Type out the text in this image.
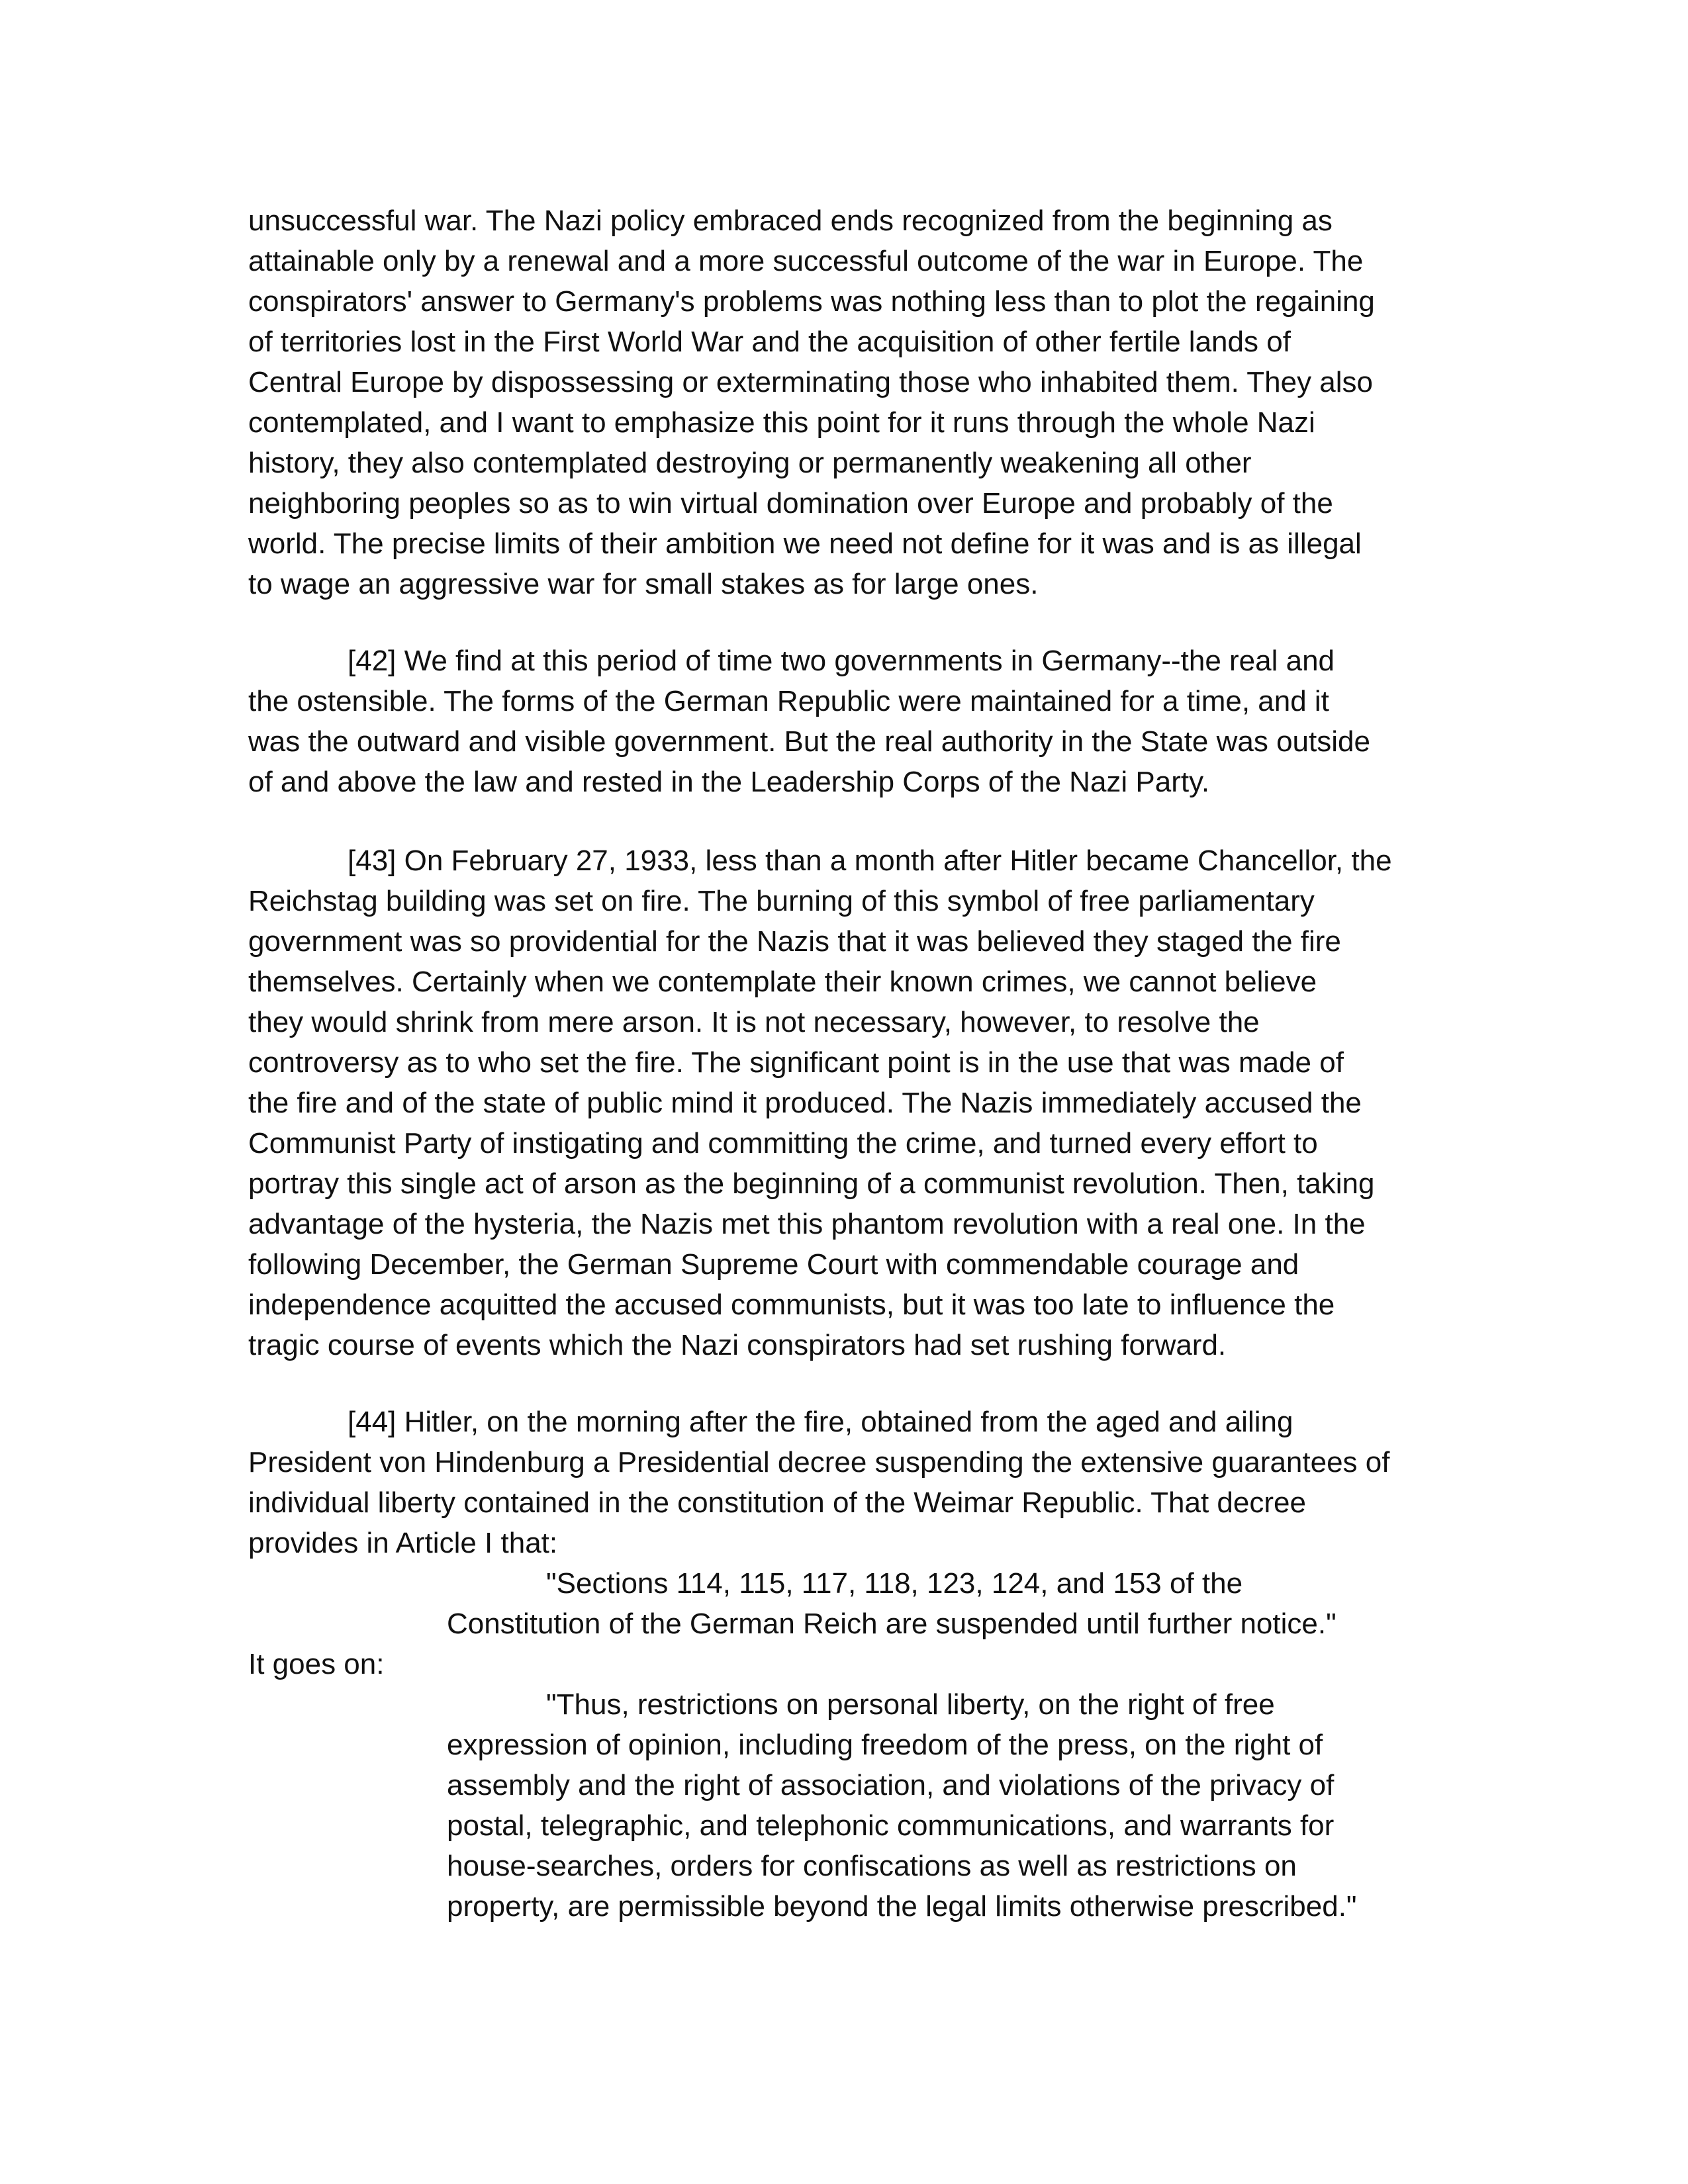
unsuccessful war. The Nazi policy embraced ends recognized from the beginning as
attainable only by a renewal and a more successful outcome of the war in Europe. The
conspirators' answer to Germany's problems was nothing less than to plot the regaining
of territories lost in the First World War and the acquisition of other fertile lands of
Central Europe by dispossessing or exterminating those who inhabited them. They also
contemplated, and I want to emphasize this point for it runs through the whole Nazi
history, they also contemplated destroying or permanently weakening all other
neighboring peoples so as to win virtual domination over Europe and probably of the
world. The precise limits of their ambition we need not define for it was and is as illegal
to wage an aggressive war for small stakes as for large ones.
[42] We find at this period of time two governments in Germany--the real and
the ostensible. The forms of the German Republic were maintained for a time, and it
was the outward and visible government. But the real authority in the State was outside
of and above the law and rested in the Leadership Corps of the Nazi Party.
[43] On February 27, 1933, less than a month after Hitler became Chancellor, the
Reichstag building was set on fire. The burning of this symbol of free parliamentary
government was so providential for the Nazis that it was believed they staged the fire
themselves. Certainly when we contemplate their known crimes, we cannot believe
they would shrink from mere arson. It is not necessary, however, to resolve the
controversy as to who set the fire. The significant point is in the use that was made of
the fire and of the state of public mind it produced. The Nazis immediately accused the
Communist Party of instigating and committing the crime, and turned every effort to
portray this single act of arson as the beginning of a communist revolution. Then, taking
advantage of the hysteria, the Nazis met this phantom revolution with a real one. In the
following December, the German Supreme Court with commendable courage and
independence acquitted the accused communists, but it was too late to influence the
tragic course of events which the Nazi conspirators had set rushing forward.
[44] Hitler, on the morning after the fire, obtained from the aged and ailing
President von Hindenburg a Presidential decree suspending the extensive guarantees of
individual liberty contained in the constitution of the Weimar Republic. That decree
provides in Article I that:
"Sections 114, 115, 117, 118, 123, 124, and 153 of the
Constitution of the German Reich are suspended until further notice."
It goes on:
"Thus, restrictions on personal liberty, on the right of free
expression of opinion, including freedom of the press, on the right of
assembly and the right of association, and violations of the privacy of
postal, telegraphic, and telephonic communications, and warrants for
house-searches, orders for confiscations as well as restrictions on
property, are permissible beyond the legal limits otherwise prescribed."
